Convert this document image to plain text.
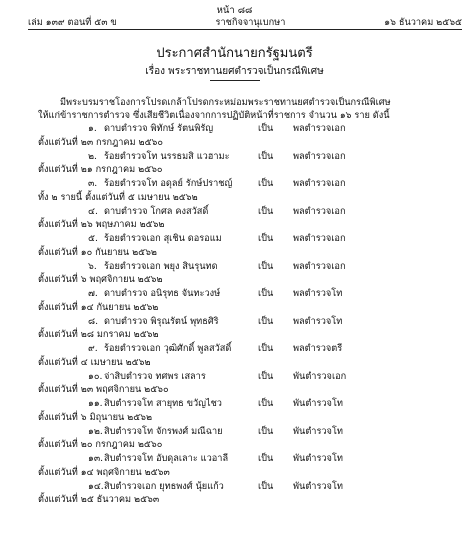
หน้า ๘๘
เล่ม ๑๓๙ ตอนที่ ๕๓ ข	ราชกิจจานุเบกษา	๑๖ ธันวาคม ๒๕๖๕
ประกาศสำนักนายกรัฐมนตรี
เรื่อง พระราชทานยศตำรวจเป็นกรณีพิเศษ
มีพระบรมราชโองการโปรดเกล้าโปรดกระหม่อมพระราชทานยศตำรวจเป็นกรณีพิเศษ
ให้แก่ข้าราชการตำรวจ ซึ่งเสียชีวิตเนื่องจากการปฏิบัติหน้าที่ราชการ จำนวน ๑๖ ราย ดังนี้
๑. ดาบตำรวจ พิทักษ์ รัตนพิรัญ	เป็น พลตำรวจเอก
ตั้งแต่วันที่ ๒๓ กรกฎาคม ๒๕๖๐
๒. ร้อยตำรวจโท นรรธมสิ แวฮามะ	เป็น พลตำรวจเอก
ตั้งแต่วันที่ ๒๑ กรกฎาคม ๒๕๖๐
๓. ร้อยตำรวจโท อดุลย์ รักษ์ปราชญ์	เป็น พลตำรวจเอก
ทั้ง ๒ รายนี้ ตั้งแต่วันที่ ๕ เมษายน ๒๕๖๒
๔. ดาบตำรวจ โกศล คงสวัสดิ์	เป็น พลตำรวจเอก
ตั้งแต่วันที่ ๒๖ พฤษภาคม ๒๕๖๒
๕. ร้อยตำรวจเอก สุเชิน ดอรอแม	เป็น พลตำรวจเอก
ตั้งแต่วันที่ ๑๐ กันยายน ๒๕๖๒
๖. ร้อยตำรวจเอก พยุง สินรุนทด	เป็น พลตำรวจเอก
ตั้งแต่วันที่ ๖ พฤศจิกายน ๒๕๖๒
๗. ดาบตำรวจ อนิรุทธ จันทะวงษ์	เป็น พลตำรวจโท
ตั้งแต่วันที่ ๑๔ กันยายน ๒๕๖๒
๘. ดาบตำรวจ พิรุณรัตน์ พุทธศิริ	เป็น พลตำรวจโท
ตั้งแต่วันที่ ๒๘ มกราคม ๒๕๖๒
๙. ร้อยตำรวจเอก วุฒิศักดิ์ พูลสวัสดิ์	เป็น พลตำรวจตรี
ตั้งแต่วันที่ ๔ เมษายน ๒๕๖๒
๑๐. จ่าสิบตำรวจ ทศพร เสลาร	เป็น พันตำรวจเอก
ตั้งแต่วันที่ ๒๓ พฤศจิกายน ๒๕๖๐
๑๑. สิบตำรวจโท สายุทธ ขวัญไชว	เป็น พันตำรวจโท
ตั้งแต่วันที่ ๖ มิถุนายน ๒๕๖๒
๑๒. สิบตำรวจโท จักรพงศ์ มณีฉาย	เป็น พันตำรวจโท
ตั้งแต่วันที่ ๒๐ กรกฎาคม ๒๕๖๐
๑๓. สิบตำรวจโท อับดุลเลาะ แวอาลี	เป็น พันตำรวจโท
ตั้งแต่วันที่ ๑๔ พฤศจิกายน ๒๕๖๓
๑๔. สิบตำรวจเอก ยุทธพงศ์ นุ้ยแก้ว	เป็น พันตำรวจโท
ตั้งแต่วันที่ ๒๕ ธันวาคม ๒๕๖๓
